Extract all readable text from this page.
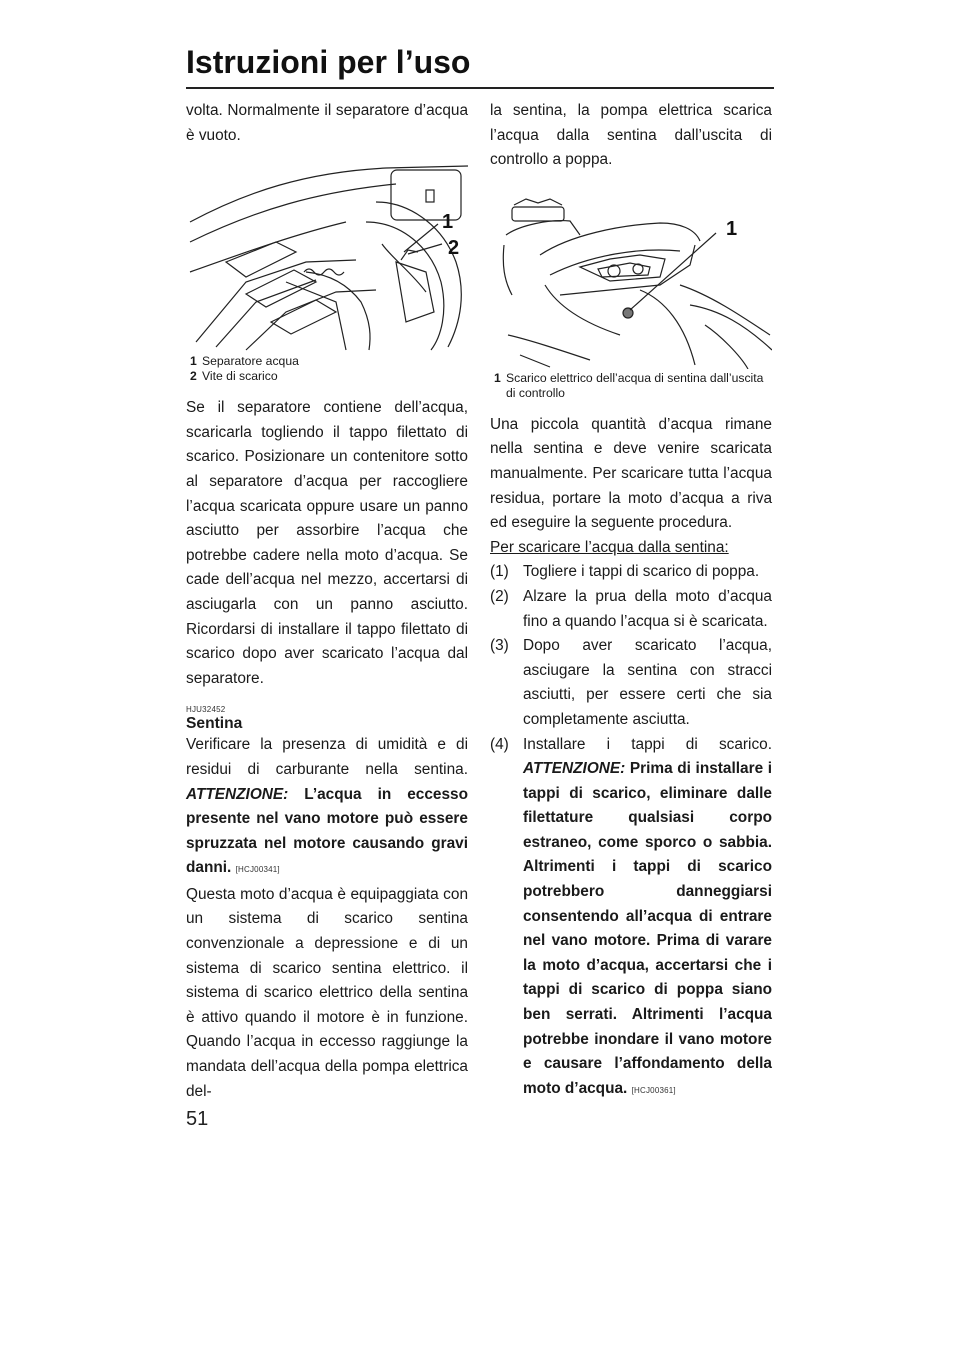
Istruzioni per l’uso

volta. Normalmente il separatore d’acqua è vuoto.

1
2
1 Separatore acqua
2 Vite di scarico

Se il separatore contiene dell’acqua, scaricarla togliendo il tappo filettato di scarico. Posizionare un contenitore sotto al separatore d’acqua per raccogliere l’acqua scaricata oppure usare un panno asciutto per assorbire l’acqua che potrebbe cadere nella moto d’acqua. Se cade dell’acqua nel mezzo, accertarsi di asciugarla con un panno asciutto. Ricordarsi di installare il tappo filettato di scarico dopo aver scaricato l’acqua dal separatore.

HJU32452
Sentina

Verificare la presenza di umidità e di residui di carburante nella sentina. ATTENZIONE: L’acqua in eccesso presente nel vano motore può essere spruzzata nel motore causando gravi danni. [HCJ00341]

Questa moto d’acqua è equipaggiata con un sistema di scarico sentina convenzionale a depressione e di un sistema di scarico sentina elettrico. il sistema di scarico elettrico della sentina è attivo quando il motore è in funzione. Quando l’acqua in eccesso raggiunge la mandata dell’acqua della pompa elettrica del-

la sentina, la pompa elettrica scarica l’acqua dalla sentina dall’uscita di controllo a poppa.

1
1 Scarico elettrico dell’acqua di sentina dall’uscita di controllo

Una piccola quantità d’acqua rimane nella sentina e deve venire scaricata manualmente. Per scaricare tutta l’acqua residua, portare la moto d’acqua a riva ed eseguire la seguente procedura.

Per scaricare l’acqua dalla sentina:

(1) Togliere i tappi di scarico di poppa.
(2) Alzare la prua della moto d’acqua fino a quando l’acqua si è scaricata.
(3) Dopo aver scaricato l’acqua, asciugare la sentina con stracci asciutti, per essere certi che sia completamente asciutta.
(4) Installare i tappi di scarico. ATTENZIONE: Prima di installare i tappi di scarico, eliminare dalle filettature qualsiasi corpo estraneo, come sporco o sabbia. Altrimenti i tappi di scarico potrebbero danneggiarsi consentendo all’acqua di entrare nel vano motore. Prima di varare la moto d’acqua, accertarsi che i tappi di scarico di poppa siano ben serrati. Altrimenti l’acqua potrebbe inondare il vano motore e causare l’affondamento della moto d’acqua. [HCJ00361]
51
